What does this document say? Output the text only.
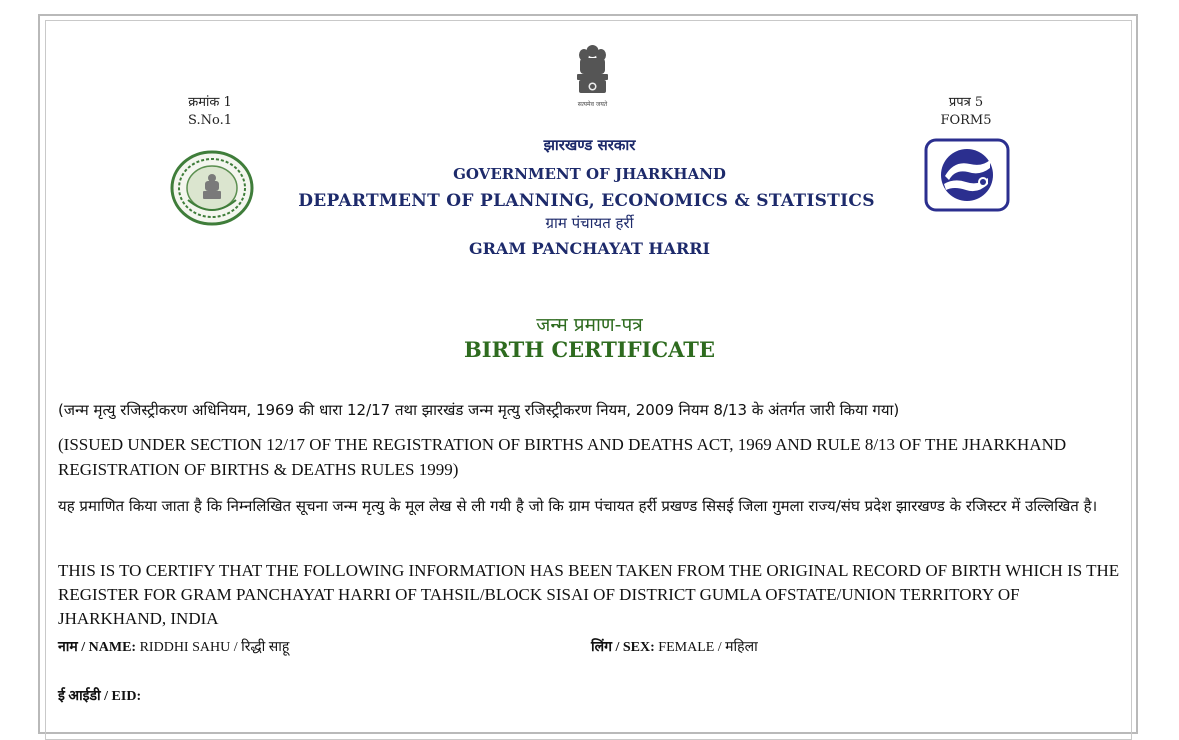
क्रमांक 1
S.No.1
प्रपत्र 5
FORM5
सत्यमेव जयते
झारखण्ड सरकार
GOVERNMENT OF JHARKHAND
DEPARTMENT OF PLANNING, ECONOMICS & STATISTICS
ग्राम पंचायत हर्री
GRAM PANCHAYAT HARRI
जन्म प्रमाण-पत्र
BIRTH CERTIFICATE
(जन्म मृत्यु रजिस्ट्रीकरण अधिनियम, 1969 की धारा 12/17 तथा झारखंड जन्म मृत्यु रजिस्ट्रीकरण नियम, 2009 नियम 8/13 के अंतर्गत जारी किया गया)
(ISSUED UNDER SECTION 12/17 OF THE REGISTRATION OF BIRTHS AND DEATHS ACT, 1969 AND RULE 8/13 OF THE JHARKHAND REGISTRATION OF BIRTHS & DEATHS RULES 1999)
यह प्रमाणित किया जाता है कि निम्नलिखित सूचना जन्म मृत्यु के मूल लेख से ली गयी है जो कि ग्राम पंचायत हर्री प्रखण्ड सिसई जिला गुमला राज्य/संघ प्रदेश झारखण्ड के रजिस्टर में उल्लिखित है।
THIS IS TO CERTIFY THAT THE FOLLOWING INFORMATION HAS BEEN TAKEN FROM THE ORIGINAL RECORD OF BIRTH WHICH IS THE REGISTER FOR GRAM PANCHAYAT HARRI OF TAHSIL/BLOCK SISAI OF DISTRICT GUMLA OFSTATE/UNION TERRITORY OF JHARKHAND, INDIA
नाम / NAME: RIDDHI SAHU / रिद्धी साहू	लिंग / SEX: FEMALE / महिला
ई आईडी / EID:
